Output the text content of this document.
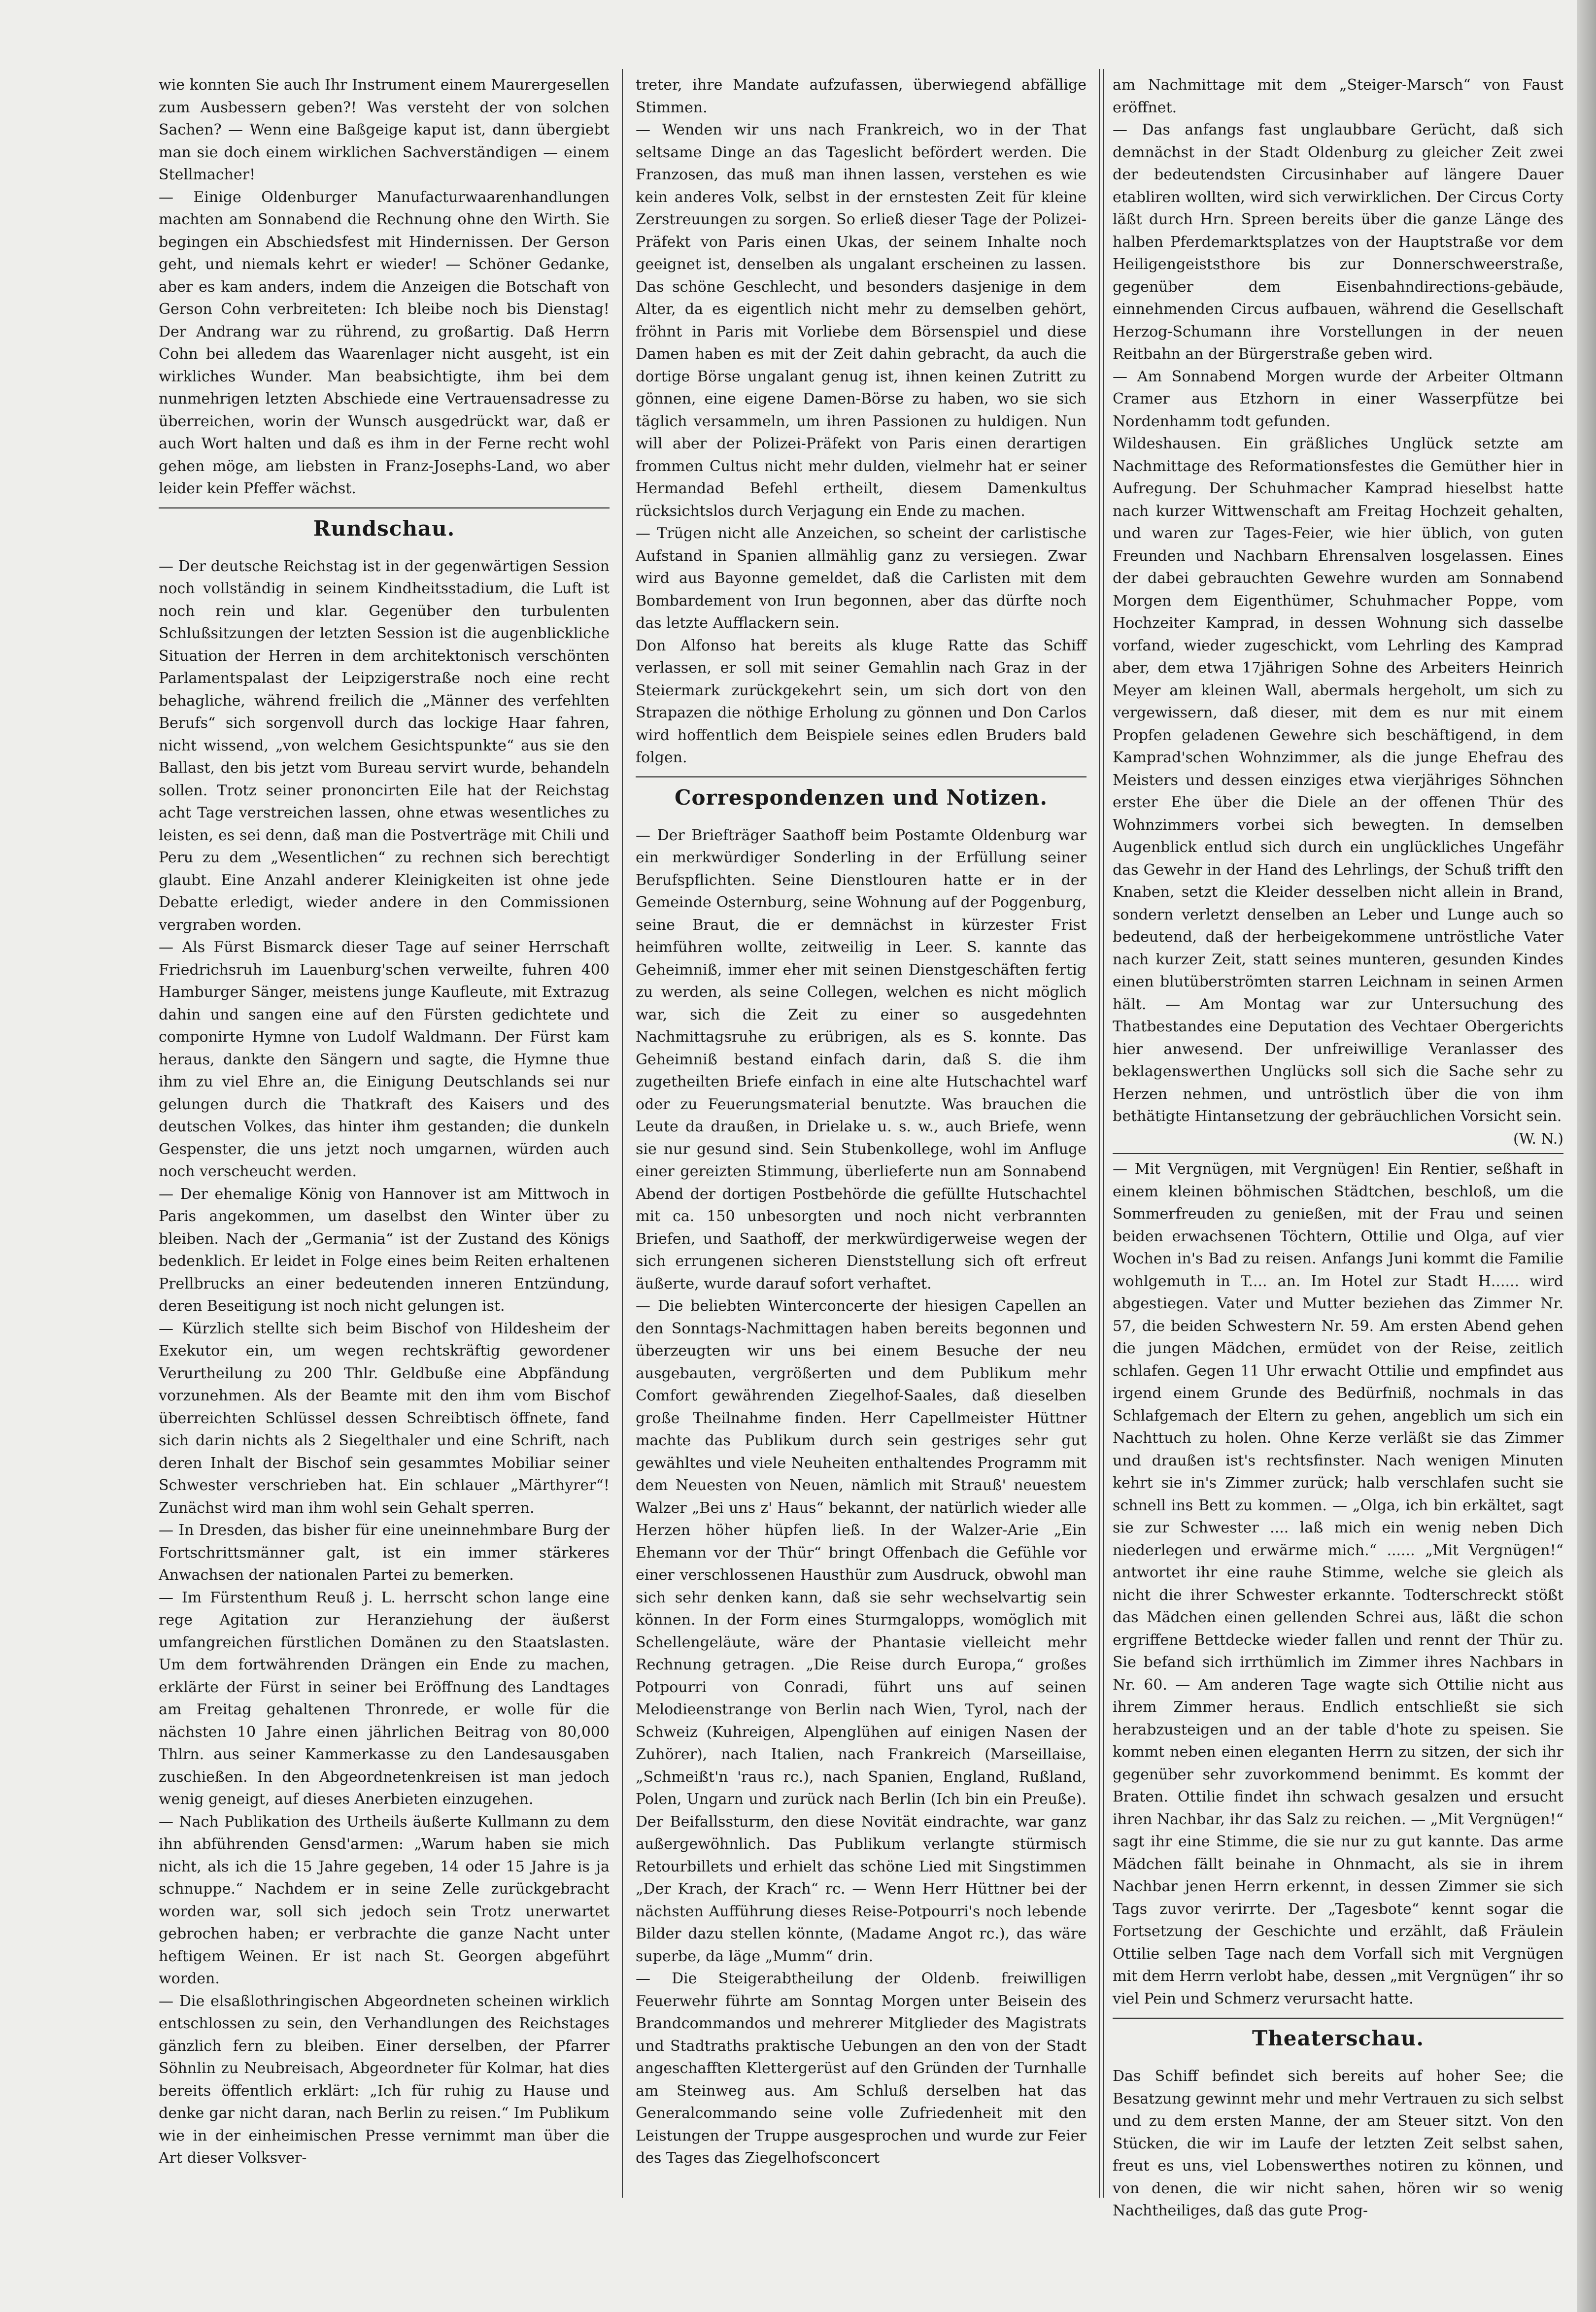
wie konnten Sie auch Ihr Instrument einem Maurergesellen zum Ausbessern geben?! Was versteht der von solchen Sachen? — Wenn eine Baßgeige kaput ist, dann übergiebt man sie doch einem wirklichen Sachverständigen — einem Stellmacher!

— Einige Oldenburger Manufacturwaarenhandlungen machten am Sonnabend die Rechnung ohne den Wirth. Sie begingen ein Abschiedsfest mit Hindernissen. Der Gerson geht, und niemals kehrt er wieder! — Schöner Gedanke, aber es kam anders, indem die Anzeigen die Botschaft von Gerson Cohn verbreiteten: Ich bleibe noch bis Dienstag! Der Andrang war zu rührend, zu großartig. Daß Herrn Cohn bei alledem das Waarenlager nicht ausgeht, ist ein wirkliches Wunder. Man beabsichtigte, ihm bei dem nunmehrigen letzten Abschiede eine Vertrauensadresse zu überreichen, worin der Wunsch ausgedrückt war, daß er auch Wort halten und daß es ihm in der Ferne recht wohl gehen möge, am liebsten in Franz-Josephs-Land, wo aber leider kein Pfeffer wächst.

Rundschau.

— Der deutsche Reichstag ist in der gegenwärtigen Session noch vollständig in seinem Kindheitsstadium, die Luft ist noch rein und klar. Gegenüber den turbulenten Schlußsitzungen der letzten Session ist die augenblickliche Situation der Herren in dem architektonisch verschönten Parlamentspalast der Leipzigerstraße noch eine recht behagliche, während freilich die „Männer des verfehlten Berufs“ sich sorgenvoll durch das lockige Haar fahren, nicht wissend, „von welchem Gesichtspunkte“ aus sie den Ballast, den bis jetzt vom Bureau servirt wurde, behandeln sollen. Trotz seiner prononcirten Eile hat der Reichstag acht Tage verstreichen lassen, ohne etwas wesentliches zu leisten, es sei denn, daß man die Postverträge mit Chili und Peru zu dem „Wesentlichen“ zu rechnen sich berechtigt glaubt. Eine Anzahl anderer Kleinigkeiten ist ohne jede Debatte erledigt, wieder andere in den Commissionen vergraben worden.

— Als Fürst Bismarck dieser Tage auf seiner Herrschaft Friedrichsruh im Lauenburg'schen verweilte, fuhren 400 Hamburger Sänger, meistens junge Kaufleute, mit Extrazug dahin und sangen eine auf den Fürsten gedichtete und componirte Hymne von Ludolf Waldmann. Der Fürst kam heraus, dankte den Sängern und sagte, die Hymne thue ihm zu viel Ehre an, die Einigung Deutschlands sei nur gelungen durch die Thatkraft des Kaisers und des deutschen Volkes, das hinter ihm gestanden; die dunkeln Gespenster, die uns jetzt noch umgarnen, würden auch noch verscheucht werden.

— Der ehemalige König von Hannover ist am Mittwoch in Paris angekommen, um daselbst den Winter über zu bleiben. Nach der „Germania“ ist der Zustand des Königs bedenklich. Er leidet in Folge eines beim Reiten erhaltenen Prellbrucks an einer bedeutenden inneren Entzündung, deren Beseitigung ist noch nicht gelungen ist.

— Kürzlich stellte sich beim Bischof von Hildesheim der Exekutor ein, um wegen rechtskräftig gewordener Verurtheilung zu 200 Thlr. Geldbuße eine Abpfändung vorzunehmen. Als der Beamte mit den ihm vom Bischof überreichten Schlüssel dessen Schreibtisch öffnete, fand sich darin nichts als 2 Siegelthaler und eine Schrift, nach deren Inhalt der Bischof sein gesammtes Mobiliar seiner Schwester verschrieben hat. Ein schlauer „Märthyrer“! Zunächst wird man ihm wohl sein Gehalt sperren.

— In Dresden, das bisher für eine uneinnehmbare Burg der Fortschrittsmänner galt, ist ein immer stärkeres Anwachsen der nationalen Partei zu bemerken.

— Im Fürstenthum Reuß j. L. herrscht schon lange eine rege Agitation zur Heranziehung der äußerst umfangreichen fürstlichen Domänen zu den Staatslasten. Um dem fortwährenden Drängen ein Ende zu machen, erklärte der Fürst in seiner bei Eröffnung des Landtages am Freitag gehaltenen Thronrede, er wolle für die nächsten 10 Jahre einen jährlichen Beitrag von 80,000 Thlrn. aus seiner Kammerkasse zu den Landesausgaben zuschießen. In den Abgeordnetenkreisen ist man jedoch wenig geneigt, auf dieses Anerbieten einzugehen.

— Nach Publikation des Urtheils äußerte Kullmann zu dem ihn abführenden Gensd'armen: „Warum haben sie mich nicht, als ich die 15 Jahre gegeben, 14 oder 15 Jahre is ja schnuppe.“ Nachdem er in seine Zelle zurückgebracht worden war, soll sich jedoch sein Trotz unerwartet gebrochen haben; er verbrachte die ganze Nacht unter heftigem Weinen. Er ist nach St. Georgen abgeführt worden.

— Die elsaßlothringischen Abgeordneten scheinen wirklich entschlossen zu sein, den Verhandlungen des Reichstages gänzlich fern zu bleiben. Einer derselben, der Pfarrer Söhnlin zu Neubreisach, Abgeordneter für Kolmar, hat dies bereits öffentlich erklärt: „Ich für ruhig zu Hause und denke gar nicht daran, nach Berlin zu reisen.“ Im Publikum wie in der einheimischen Presse vernimmt man über die Art dieser Volksver-

treter, ihre Mandate aufzufassen, überwiegend abfällige Stimmen.

— Wenden wir uns nach Frankreich, wo in der That seltsame Dinge an das Tageslicht befördert werden. Die Franzosen, das muß man ihnen lassen, verstehen es wie kein anderes Volk, selbst in der ernstesten Zeit für kleine Zerstreuungen zu sorgen. So erließ dieser Tage der Polizei-Präfekt von Paris einen Ukas, der seinem Inhalte noch geeignet ist, denselben als ungalant erscheinen zu lassen. Das schöne Geschlecht, und besonders dasjenige in dem Alter, da es eigentlich nicht mehr zu demselben gehört, fröhnt in Paris mit Vorliebe dem Börsenspiel und diese Damen haben es mit der Zeit dahin gebracht, da auch die dortige Börse ungalant genug ist, ihnen keinen Zutritt zu gönnen, eine eigene Damen-Börse zu haben, wo sie sich täglich versammeln, um ihren Passionen zu huldigen. Nun will aber der Polizei-Präfekt von Paris einen derartigen frommen Cultus nicht mehr dulden, vielmehr hat er seiner Hermandad Befehl ertheilt, diesem Damenkultus rücksichtslos durch Verjagung ein Ende zu machen.

— Trügen nicht alle Anzeichen, so scheint der carlistische Aufstand in Spanien allmählig ganz zu versiegen. Zwar wird aus Bayonne gemeldet, daß die Carlisten mit dem Bombardement von Irun begonnen, aber das dürfte noch das letzte Aufflackern sein.

Don Alfonso hat bereits als kluge Ratte das Schiff verlassen, er soll mit seiner Gemahlin nach Graz in der Steiermark zurückgekehrt sein, um sich dort von den Strapazen die nöthige Erholung zu gönnen und Don Carlos wird hoffentlich dem Beispiele seines edlen Bruders bald folgen.

Correspondenzen und Notizen.

— Der Briefträger Saathoff beim Postamte Oldenburg war ein merkwürdiger Sonderling in der Erfüllung seiner Berufspflichten. Seine Dienstlouren hatte er in der Gemeinde Osternburg, seine Wohnung auf der Poggenburg, seine Braut, die er demnächst in kürzester Frist heimführen wollte, zeitweilig in Leer. S. kannte das Geheimniß, immer eher mit seinen Dienstgeschäften fertig zu werden, als seine Collegen, welchen es nicht möglich war, sich die Zeit zu einer so ausgedehnten Nachmittagsruhe zu erübrigen, als es S. konnte. Das Geheimniß bestand einfach darin, daß S. die ihm zugetheilten Briefe einfach in eine alte Hutschachtel warf oder zu Feuerungsmaterial benutzte. Was brauchen die Leute da draußen, in Drielake u. s. w., auch Briefe, wenn sie nur gesund sind. Sein Stubenkollege, wohl im Anfluge einer gereizten Stimmung, überlieferte nun am Sonnabend Abend der dortigen Postbehörde die gefüllte Hutschachtel mit ca. 150 unbesorgten und noch nicht verbrannten Briefen, und Saathoff, der merkwürdigerweise wegen der sich errungenen sicheren Dienststellung sich oft erfreut äußerte, wurde darauf sofort verhaftet.

— Die beliebten Winterconcerte der hiesigen Capellen an den Sonntags-Nachmittagen haben bereits begonnen und überzeugten wir uns bei einem Besuche der neu ausgebauten, vergrößerten und dem Publikum mehr Comfort gewährenden Ziegelhof-Saales, daß dieselben große Theilnahme finden. Herr Capellmeister Hüttner machte das Publikum durch sein gestriges sehr gut gewähltes und viele Neuheiten enthaltendes Programm mit dem Neuesten von Neuen, nämlich mit Strauß' neuestem Walzer „Bei uns z' Haus“ bekannt, der natürlich wieder alle Herzen höher hüpfen ließ. In der Walzer-Arie „Ein Ehemann vor der Thür“ bringt Offenbach die Gefühle vor einer verschlossenen Hausthür zum Ausdruck, obwohl man sich sehr denken kann, daß sie sehr wechselvartig sein können. In der Form eines Sturmgalopps, womöglich mit Schellengeläute, wäre der Phantasie vielleicht mehr Rechnung getragen. „Die Reise durch Europa,“ großes Potpourri von Conradi, führt uns auf seinen Melodieenstrange von Berlin nach Wien, Tyrol, nach der Schweiz (Kuhreigen, Alpenglühen auf einigen Nasen der Zuhörer), nach Italien, nach Frankreich (Marseillaise, „Schmeißt'n 'raus rc.), nach Spanien, England, Rußland, Polen, Ungarn und zurück nach Berlin (Ich bin ein Preuße). Der Beifallssturm, den diese Novität eindrachte, war ganz außergewöhnlich. Das Publikum verlangte stürmisch Retourbillets und erhielt das schöne Lied mit Singstimmen „Der Krach, der Krach“ rc. — Wenn Herr Hüttner bei der nächsten Aufführung dieses Reise-Potpourri's noch lebende Bilder dazu stellen könnte, (Madame Angot rc.), das wäre superbe, da läge „Mumm“ drin.

— Die Steigerabtheilung der Oldenb. freiwilligen Feuerwehr führte am Sonntag Morgen unter Beisein des Brandcommandos und mehrerer Mitglieder des Magistrats und Stadtraths praktische Uebungen an den von der Stadt angeschafften Klettergerüst auf den Gründen der Turnhalle am Steinweg aus. Am Schluß derselben hat das Generalcommando seine volle Zufriedenheit mit den Leistungen der Truppe ausgesprochen und wurde zur Feier des Tages das Ziegelhofsconcert

am Nachmittage mit dem „Steiger-Marsch“ von Faust eröffnet.

— Das anfangs fast unglaubbare Gerücht, daß sich demnächst in der Stadt Oldenburg zu gleicher Zeit zwei der bedeutendsten Circusinhaber auf längere Dauer etabliren wollten, wird sich verwirklichen. Der Circus Corty läßt durch Hrn. Spreen bereits über die ganze Länge des halben Pferdemarktsplatzes von der Hauptstraße vor dem Heiligengeiststhore bis zur Donnerschweerstraße, gegenüber dem Eisenbahndirections-gebäude, einnehmenden Circus aufbauen, während die Gesellschaft Herzog-Schumann ihre Vorstellungen in der neuen Reitbahn an der Bürgerstraße geben wird.

— Am Sonnabend Morgen wurde der Arbeiter Oltmann Cramer aus Etzhorn in einer Wasserpfütze bei Nordenhamm todt gefunden.

Wildeshausen. Ein gräßliches Unglück setzte am Nachmittage des Reformationsfestes die Gemüther hier in Aufregung. Der Schuhmacher Kamprad hieselbst hatte nach kurzer Wittwenschaft am Freitag Hochzeit gehalten, und waren zur Tages-Feier, wie hier üblich, von guten Freunden und Nachbarn Ehrensalven losgelassen. Eines der dabei gebrauchten Gewehre wurden am Sonnabend Morgen dem Eigenthümer, Schuhmacher Poppe, vom Hochzeiter Kamprad, in dessen Wohnung sich dasselbe vorfand, wieder zugeschickt, vom Lehrling des Kamprad aber, dem etwa 17jährigen Sohne des Arbeiters Heinrich Meyer am kleinen Wall, abermals hergeholt, um sich zu vergewissern, daß dieser, mit dem es nur mit einem Propfen geladenen Gewehre sich beschäftigend, in dem Kamprad'schen Wohnzimmer, als die junge Ehefrau des Meisters und dessen einziges etwa vierjähriges Söhnchen erster Ehe über die Diele an der offenen Thür des Wohnzimmers vorbei sich bewegten. In demselben Augenblick entlud sich durch ein unglückliches Ungefähr das Gewehr in der Hand des Lehrlings, der Schuß trifft den Knaben, setzt die Kleider desselben nicht allein in Brand, sondern verletzt denselben an Leber und Lunge auch so bedeutend, daß der herbeigekommene untröstliche Vater nach kurzer Zeit, statt seines munteren, gesunden Kindes einen blutüberströmten starren Leichnam in seinen Armen hält. — Am Montag war zur Untersuchung des Thatbestandes eine Deputation des Vechtaer Obergerichts hier anwesend. Der unfreiwillige Veranlasser des beklagenswerthen Unglücks soll sich die Sache sehr zu Herzen nehmen, und untröstlich über die von ihm bethätigte Hintansetzung der gebräuchlichen Vorsicht sein.

(W. N.)

— Mit Vergnügen, mit Vergnügen! Ein Rentier, seßhaft in einem kleinen böhmischen Städtchen, beschloß, um die Sommerfreuden zu genießen, mit der Frau und seinen beiden erwachsenen Töchtern, Ottilie und Olga, auf vier Wochen in's Bad zu reisen. Anfangs Juni kommt die Familie wohlgemuth in T.... an. Im Hotel zur Stadt H...... wird abgestiegen. Vater und Mutter beziehen das Zimmer Nr. 57, die beiden Schwestern Nr. 59. Am ersten Abend gehen die jungen Mädchen, ermüdet von der Reise, zeitlich schlafen. Gegen 11 Uhr erwacht Ottilie und empfindet aus irgend einem Grunde des Bedürfniß, nochmals in das Schlafgemach der Eltern zu gehen, angeblich um sich ein Nachttuch zu holen. Ohne Kerze verläßt sie das Zimmer und draußen ist's rechtsfinster. Nach wenigen Minuten kehrt sie in's Zimmer zurück; halb verschlafen sucht sie schnell ins Bett zu kommen. — „Olga, ich bin erkältet, sagt sie zur Schwester .... laß mich ein wenig neben Dich niederlegen und erwärme mich.“ ...... „Mit Vergnügen!“ antwortet ihr eine rauhe Stimme, welche sie gleich als nicht die ihrer Schwester erkannte. Todterschreckt stößt das Mädchen einen gellenden Schrei aus, läßt die schon ergriffene Bettdecke wieder fallen und rennt der Thür zu. Sie befand sich irrthümlich im Zimmer ihres Nachbars in Nr. 60. — Am anderen Tage wagte sich Ottilie nicht aus ihrem Zimmer heraus. Endlich entschließt sie sich herabzusteigen und an der table d'hote zu speisen. Sie kommt neben einen eleganten Herrn zu sitzen, der sich ihr gegenüber sehr zuvorkommend benimmt. Es kommt der Braten. Ottilie findet ihn schwach gesalzen und ersucht ihren Nachbar, ihr das Salz zu reichen. — „Mit Vergnügen!“ sagt ihr eine Stimme, die sie nur zu gut kannte. Das arme Mädchen fällt beinahe in Ohnmacht, als sie in ihrem Nachbar jenen Herrn erkennt, in dessen Zimmer sie sich Tags zuvor verirrte. Der „Tagesbote“ kennt sogar die Fortsetzung der Geschichte und erzählt, daß Fräulein Ottilie selben Tage nach dem Vorfall sich mit Vergnügen mit dem Herrn verlobt habe, dessen „mit Vergnügen“ ihr so viel Pein und Schmerz verursacht hatte.

Theaterschau.

Das Schiff befindet sich bereits auf hoher See; die Besatzung gewinnt mehr und mehr Vertrauen zu sich selbst und zu dem ersten Manne, der am Steuer sitzt. Von den Stücken, die wir im Laufe der letzten Zeit selbst sahen, freut es uns, viel Lobenswerthes notiren zu können, und von denen, die wir nicht sahen, hören wir so wenig Nachtheiliges, daß das gute Prog-
